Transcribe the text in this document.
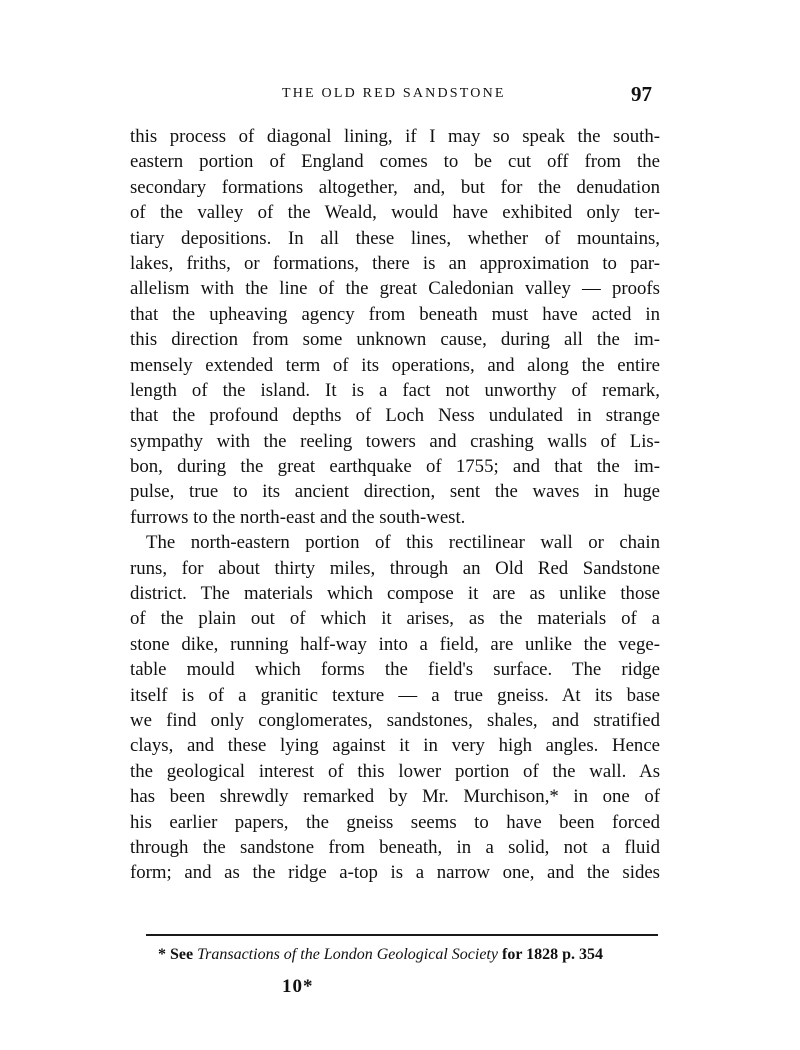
THE OLD RED SANDSTONE	97
this process of diagonal lining, if I may so speak the south-
eastern portion of England comes to be cut off from the
secondary formations altogether, and, but for the denudation
of the valley of the Weald, would have exhibited only ter-
tiary depositions. In all these lines, whether of mountains,
lakes, friths, or formations, there is an approximation to par-
allelism with the line of the great Caledonian valley — proofs
that the upheaving agency from beneath must have acted in
this direction from some unknown cause, during all the im-
mensely extended term of its operations, and along the entire
length of the island. It is a fact not unworthy of remark,
that the profound depths of Loch Ness undulated in strange
sympathy with the reeling towers and crashing walls of Lis-
bon, during the great earthquake of 1755; and that the im-
pulse, true to its ancient direction, sent the waves in huge
furrows to the north-east and the south-west.
The north-eastern portion of this rectilinear wall or chain
runs, for about thirty miles, through an Old Red Sandstone
district. The materials which compose it are as unlike those
of the plain out of which it arises, as the materials of a
stone dike, running half-way into a field, are unlike the vege-
table mould which forms the field's surface. The ridge
itself is of a granitic texture — a true gneiss. At its base
we find only conglomerates, sandstones, shales, and stratified
clays, and these lying against it in very high angles. Hence
the geological interest of this lower portion of the wall. As
has been shrewdly remarked by Mr. Murchison,* in one of
his earlier papers, the gneiss seems to have been forced
through the sandstone from beneath, in a solid, not a fluid
form; and as the ridge a-top is a narrow one, and the sides
* See Transactions of the London Geological Society for 1828 p. 354
10*
